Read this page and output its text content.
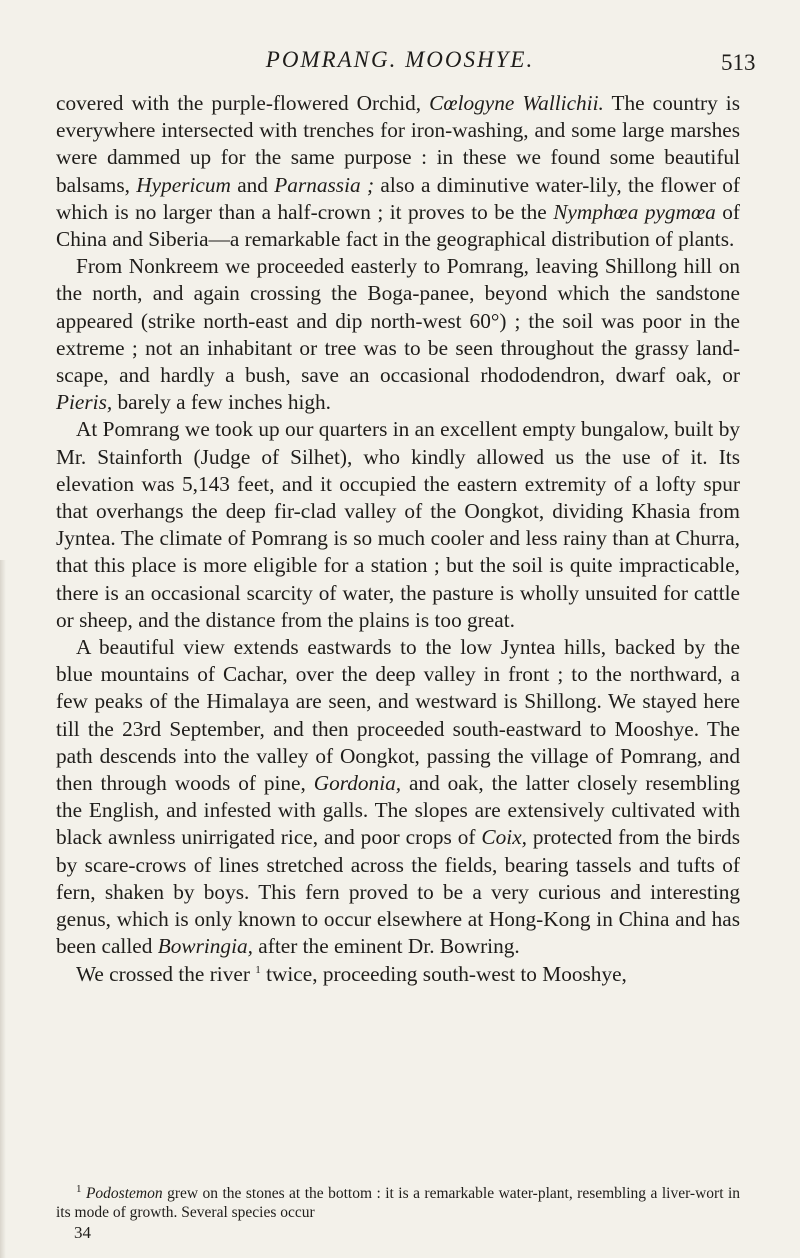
POMRANG. MOOSHYE.	513

covered with the purple-flowered Orchid, Cœlogyne Wallichii. The country is everywhere intersected with trenches for iron-washing, and some large marshes were dammed up for the same purpose : in these we found some beautiful balsams, Hypericum and Parnassia ; also a diminutive water-lily, the flower of which is no larger than a half-crown ; it proves to be the Nymphœa pygmœa of China and Siberia—a remarkable fact in the geographical distribution of plants.

From Nonkreem we proceeded easterly to Pomrang, leaving Shillong hill on the north, and again crossing the Boga-panee, beyond which the sandstone appeared (strike north-east and dip north-west 60°) ; the soil was poor in the extreme ; not an inhabitant or tree was to be seen throughout the grassy land-scape, and hardly a bush, save an occasional rhododendron, dwarf oak, or Pieris, barely a few inches high.

At Pomrang we took up our quarters in an excellent empty bungalow, built by Mr. Stainforth (Judge of Silhet), who kindly allowed us the use of it. Its elevation was 5,143 feet, and it occupied the eastern extremity of a lofty spur that overhangs the deep fir-clad valley of the Oongkot, dividing Khasia from Jyntea. The climate of Pomrang is so much cooler and less rainy than at Churra, that this place is more eligible for a station ; but the soil is quite impracticable, there is an occasional scarcity of water, the pasture is wholly unsuited for cattle or sheep, and the distance from the plains is too great.

A beautiful view extends eastwards to the low Jyntea hills, backed by the blue mountains of Cachar, over the deep valley in front ; to the northward, a few peaks of the Himalaya are seen, and westward is Shillong. We stayed here till the 23rd September, and then proceeded south-eastward to Mooshye. The path descends into the valley of Oongkot, passing the village of Pomrang, and then through woods of pine, Gordonia, and oak, the latter closely resembling the English, and infested with galls. The slopes are extensively cultivated with black awnless unirrigated rice, and poor crops of Coix, protected from the birds by scare-crows of lines stretched across the fields, bearing tassels and tufts of fern, shaken by boys. This fern proved to be a very curious and interesting genus, which is only known to occur elsewhere at Hong-Kong in China and has been called Bowringia, after the eminent Dr. Bowring.

We crossed the river $^1$ twice, proceeding south-west to Mooshye,

$^1$ Podostemon grew on the stones at the bottom : it is a remarkable water-plant, resembling a liver-wort in its mode of growth. Several species occur
34
